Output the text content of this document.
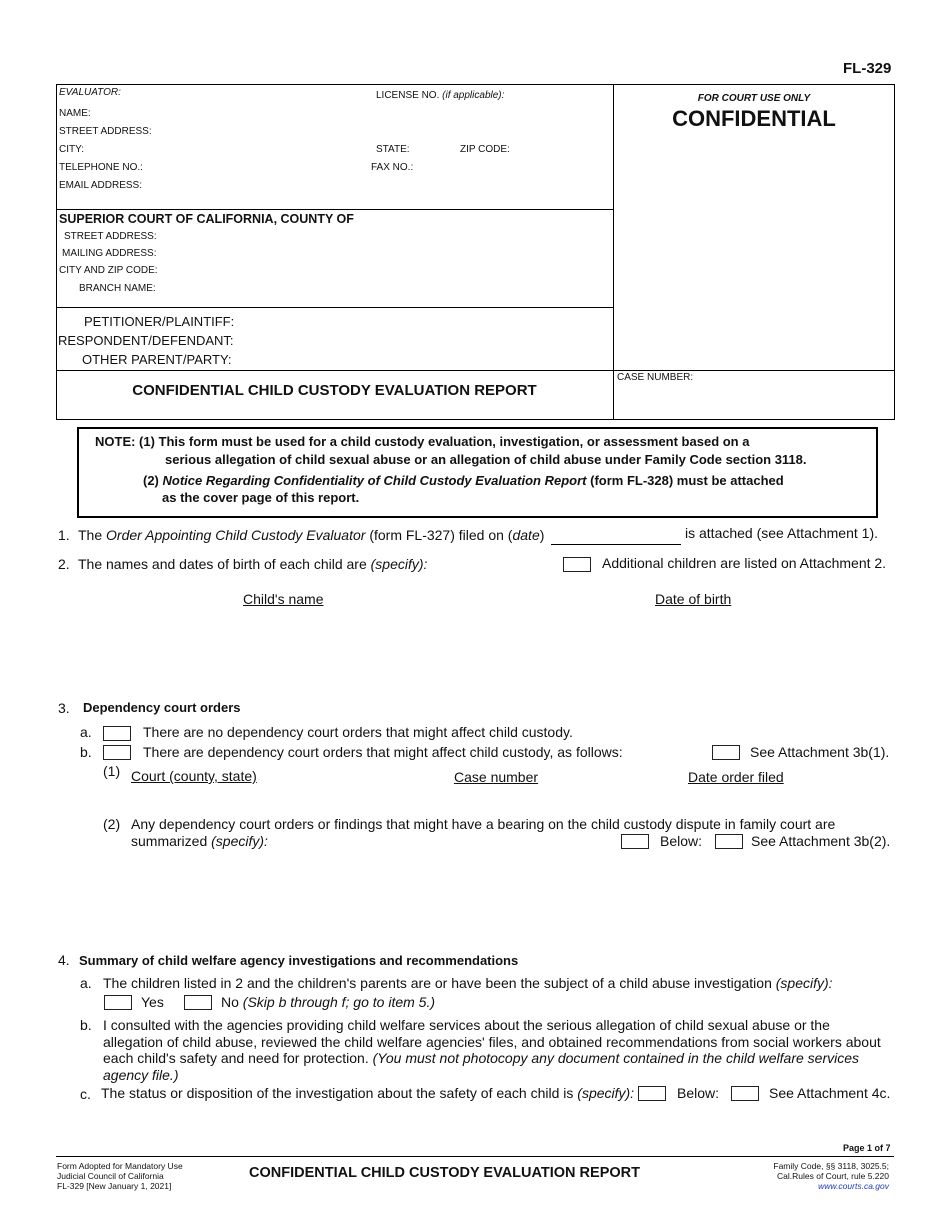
FL-329
EVALUATOR:	LICENSE NO. (if applicable):
NAME:
STREET ADDRESS:
CITY:	STATE:	ZIP CODE:
TELEPHONE NO.:	FAX NO.:
EMAIL ADDRESS:
SUPERIOR COURT OF CALIFORNIA, COUNTY OF
STREET ADDRESS:
MAILING ADDRESS:
CITY AND ZIP CODE:
BRANCH NAME:
PETITIONER/PLAINTIFF:
RESPONDENT/DEFENDANT:
OTHER PARENT/PARTY:
FOR COURT USE ONLY
CONFIDENTIAL
CASE NUMBER:
CONFIDENTIAL CHILD CUSTODY EVALUATION REPORT
NOTE: (1) This form must be used for a child custody evaluation, investigation, or assessment based on a
serious allegation of child sexual abuse or an allegation of child abuse under Family Code section 3118.
(2) Notice Regarding Confidentiality of Child Custody Evaluation Report (form FL-328) must be attached
as the cover page of this report.
1. The Order Appointing Child Custody Evaluator (form FL-327) filed on (date)	is attached (see Attachment 1).
2. The names and dates of birth of each child are (specify):	Additional children are listed on Attachment 2.
Child's name	Date of birth
3. Dependency court orders
a.	There are no dependency court orders that might affect child custody.
b.	There are dependency court orders that might affect child custody, as follows:	See Attachment 3b(1).
(1) Court (county, state)	Case number	Date order filed
(2) Any dependency court orders or findings that might have a bearing on the child custody dispute in family court are
summarized (specify):	Below:	See Attachment 3b(2).
4. Summary of child welfare agency investigations and recommendations
a. The children listed in 2 and the children's parents are or have been the subject of a child abuse investigation (specify):
Yes	No (Skip b through f; go to item 5.)
b. I consulted with the agencies providing child welfare services about the serious allegation of child sexual abuse or the
allegation of child abuse, reviewed the child welfare agencies' files, and obtained recommendations from social workers about
each child's safety and need for protection. (You must not photocopy any document contained in the child welfare services
agency file.)
c. The status or disposition of the investigation about the safety of each child is (specify):	Below:	See Attachment 4c.
Page 1 of 7
Form Adopted for Mandatory Use
Judicial Council of California
FL-329 [New January 1, 2021]
CONFIDENTIAL CHILD CUSTODY EVALUATION REPORT	Family Code, §§ 3118, 3025.5;
Cal.Rules of Court, rule 5.220
www.courts.ca.gov
